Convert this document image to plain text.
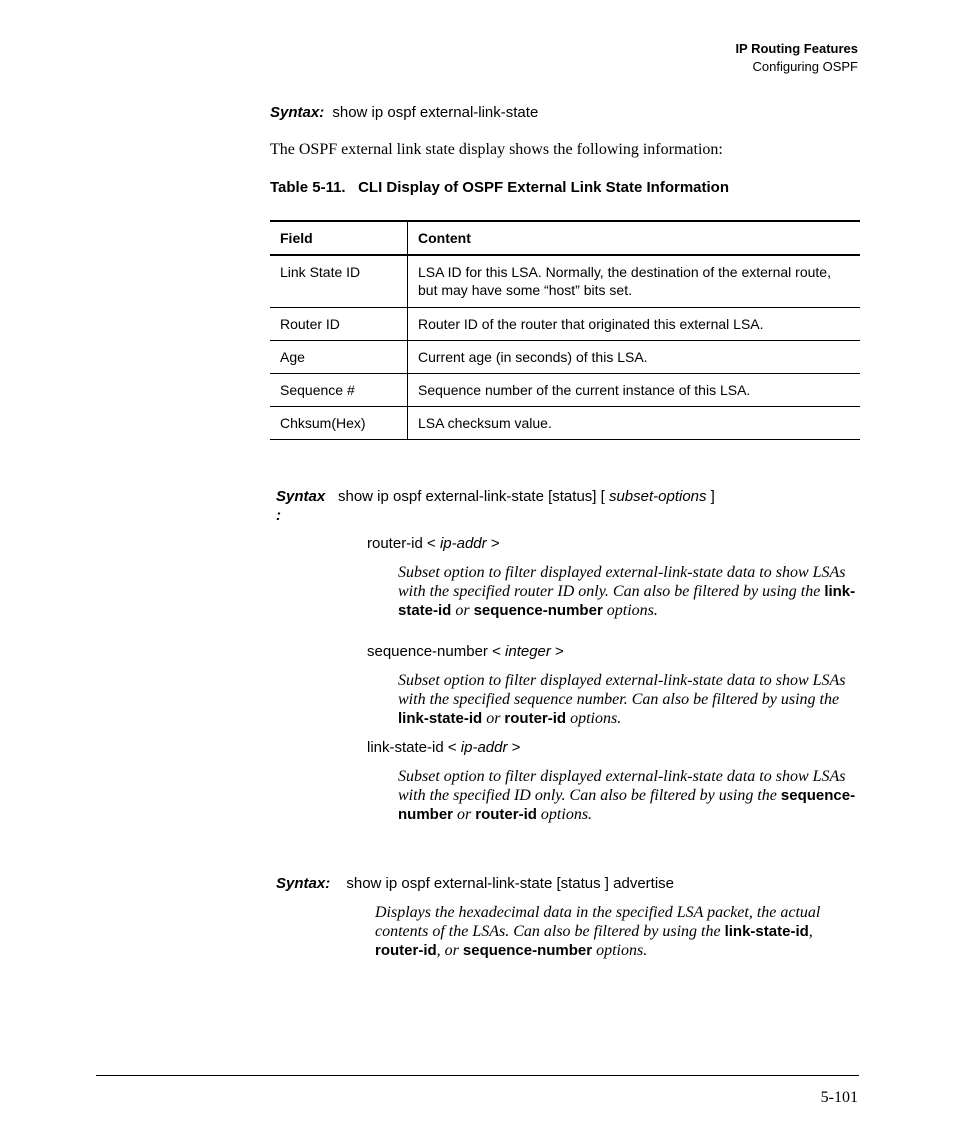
IP Routing Features
Configuring OSPF
Syntax: show ip ospf external-link-state
The OSPF external link state display shows the following information:
Table 5-11.   CLI Display of OSPF External Link State Information
Field	Content
Link State ID	LSA ID for this LSA. Normally, the destination of the external route, but may have some “host” bits set.
Router ID	Router ID of the router that originated this external LSA.
Age	Current age (in seconds) of this LSA.
Sequence #	Sequence number of the current instance of this LSA.
Chksum(Hex)	LSA checksum value.
Syntax
:
show ip ospf external-link-state [status] [ subset-options ]
router-id < ip-addr >
Subset option to filter displayed external-link-state data to show LSAs with the specified router ID only. Can also be filtered by using the link-state-id or sequence-number options.
sequence-number < integer >
Subset option to filter displayed external-link-state data to show LSAs with the specified sequence number. Can also be filtered by using the link-state-id or router-id options.
link-state-id < ip-addr >
Subset option to filter displayed external-link-state data to show LSAs with the specified ID only. Can also be filtered by using the sequence-number or router-id options.
Syntax: show ip ospf external-link-state [status ] advertise
Displays the hexadecimal data in the specified LSA packet, the actual contents of the LSAs. Can also be filtered by using the link-state-id, router-id, or sequence-number options.
5-101
